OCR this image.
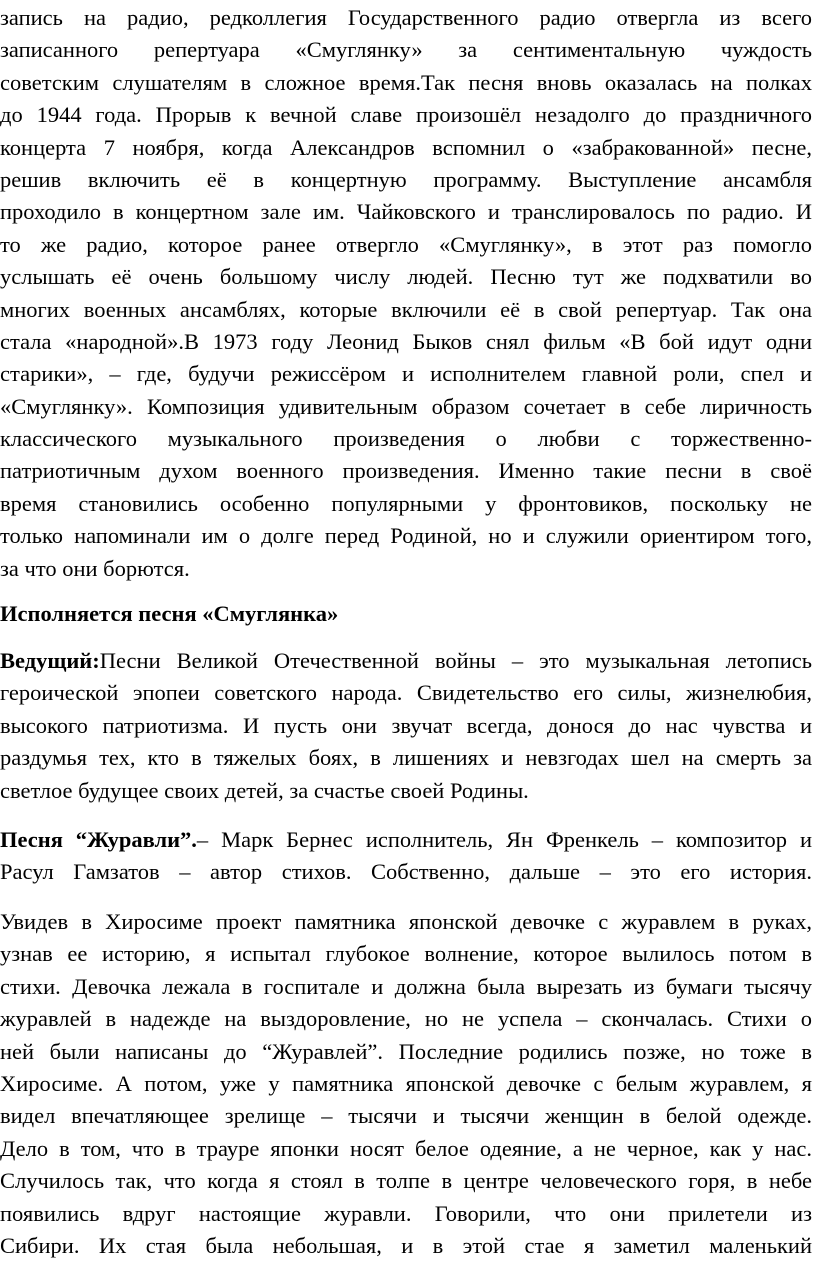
запись на радио, редколлегия Государственного радио отвергла из всего
записанного репертуара «Смуглянку» за сентиментальную чуждость
советским слушателям в сложное время.Так песня вновь оказалась на полках
до 1944 года. Прорыв к вечной славе произошёл незадолго до праздничного
концерта 7 ноября, когда Александров вспомнил о «забракованной» песне,
решив включить её в концертную программу. Выступление ансамбля
проходило в концертном зале им. Чайковского и транслировалось по радио. И
то же радио, которое ранее отвергло «Смуглянку», в этот раз помогло
услышать её очень большому числу людей. Песню тут же подхватили во
многих военных ансамблях, которые включили её в свой репертуар. Так она
стала «народной».В 1973 году Леонид Быков снял фильм «В бой идут одни
старики», – где, будучи режиссёром и исполнителем главной роли, спел и
«Смуглянку». Композиция удивительным образом сочетает в себе лиричность
классического музыкального произведения о любви с торжественно-
патриотичным духом военного произведения. Именно такие песни в своё
время становились особенно популярными у фронтовиков, поскольку не
только напоминали им о долге перед Родиной, но и служили ориентиром того,
за что они борются.
Исполняется песня «Смуглянка»
Ведущий:Песни Великой Отечественной войны – это музыкальная летопись
героической эпопеи советского народа. Свидетельство его силы, жизнелюбия,
высокого патриотизма. И пусть они звучат всегда, донося до нас чувства и
раздумья тех, кто в тяжелых боях, в лишениях и невзгодах шел на смерть за
светлое будущее своих детей, за счастье своей Родины.
Песня “Журавли”.– Марк Бернес исполнитель, Ян Френкель – композитор и
Расул Гамзатов – автор стихов. Собственно, дальше – это его история.
Увидев в Хиросиме проект памятника японской девочке с журавлем в руках,
узнав ее историю, я испытал глубокое волнение, которое вылилось потом в
стихи. Девочка лежала в госпитале и должна была вырезать из бумаги тысячу
журавлей в надежде на выздоровление, но не успела – скончалась. Стихи о
ней были написаны до “Журавлей”. Последние родились позже, но тоже в
Хиросиме. А потом, уже у памятника японской девочке с белым журавлем, я
видел впечатляющее зрелище – тысячи и тысячи женщин в белой одежде.
Дело в том, что в трауре японки носят белое одеяние, а не черное, как у нас.
Случилось так, что когда я стоял в толпе в центре человеческого горя, в небе
появились вдруг настоящие журавли. Говорили, что они прилетели из
Сибири. Их стая была небольшая, и в этой стае я заметил маленький
